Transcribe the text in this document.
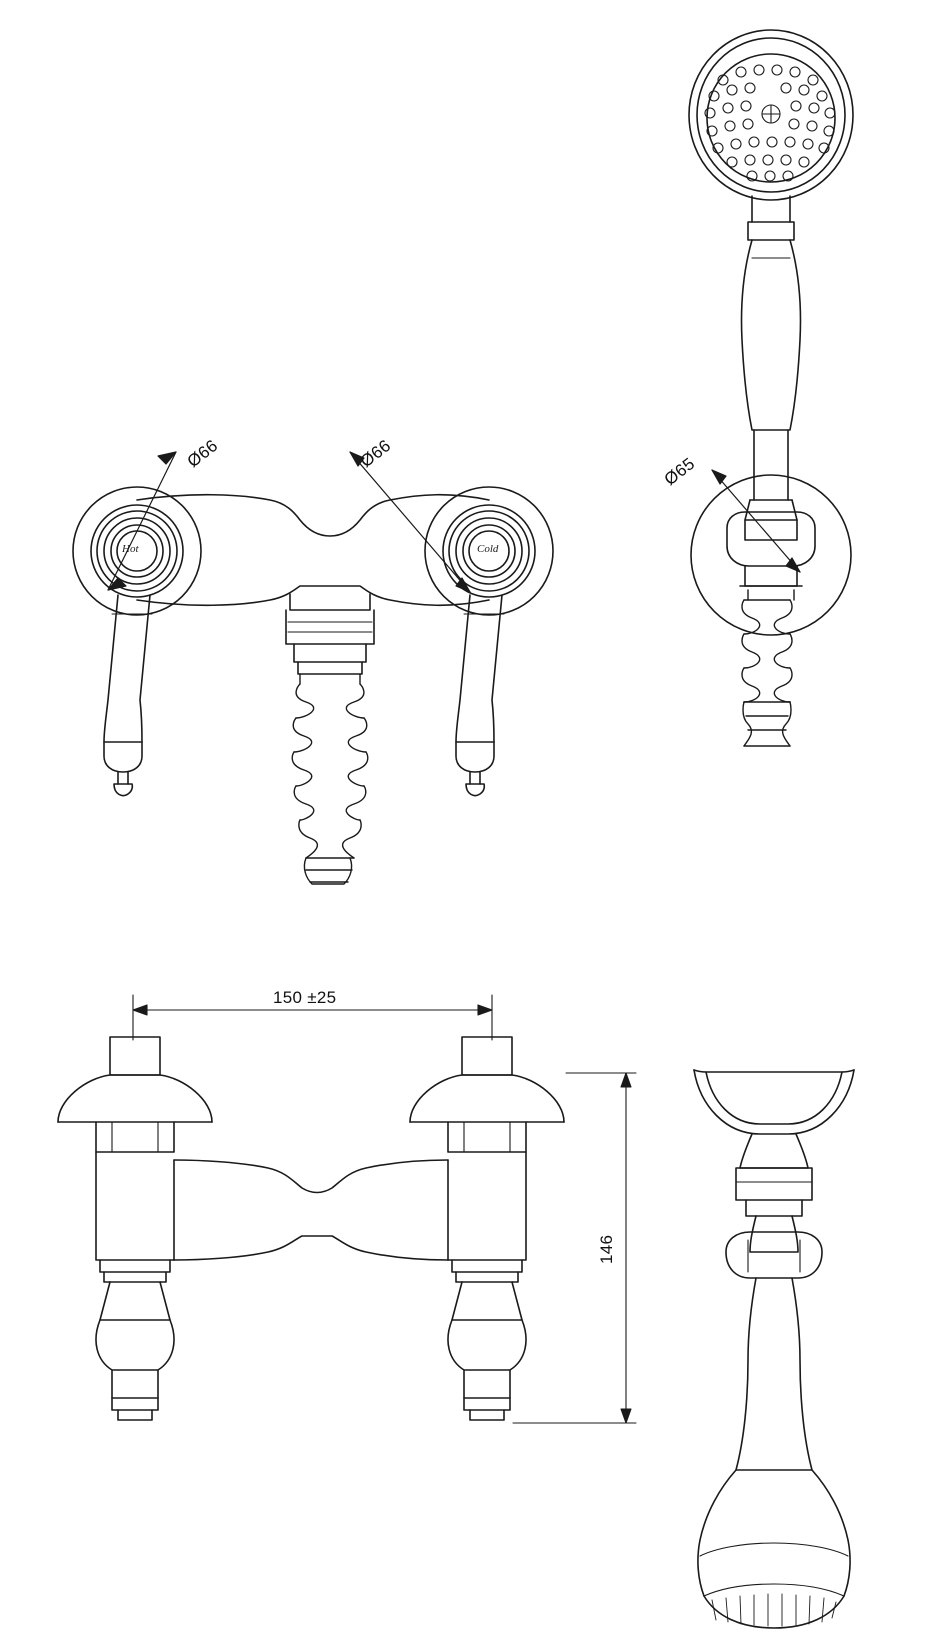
Ø66	Ø66
Ø65
150 ±25
146
Hot	Cold
